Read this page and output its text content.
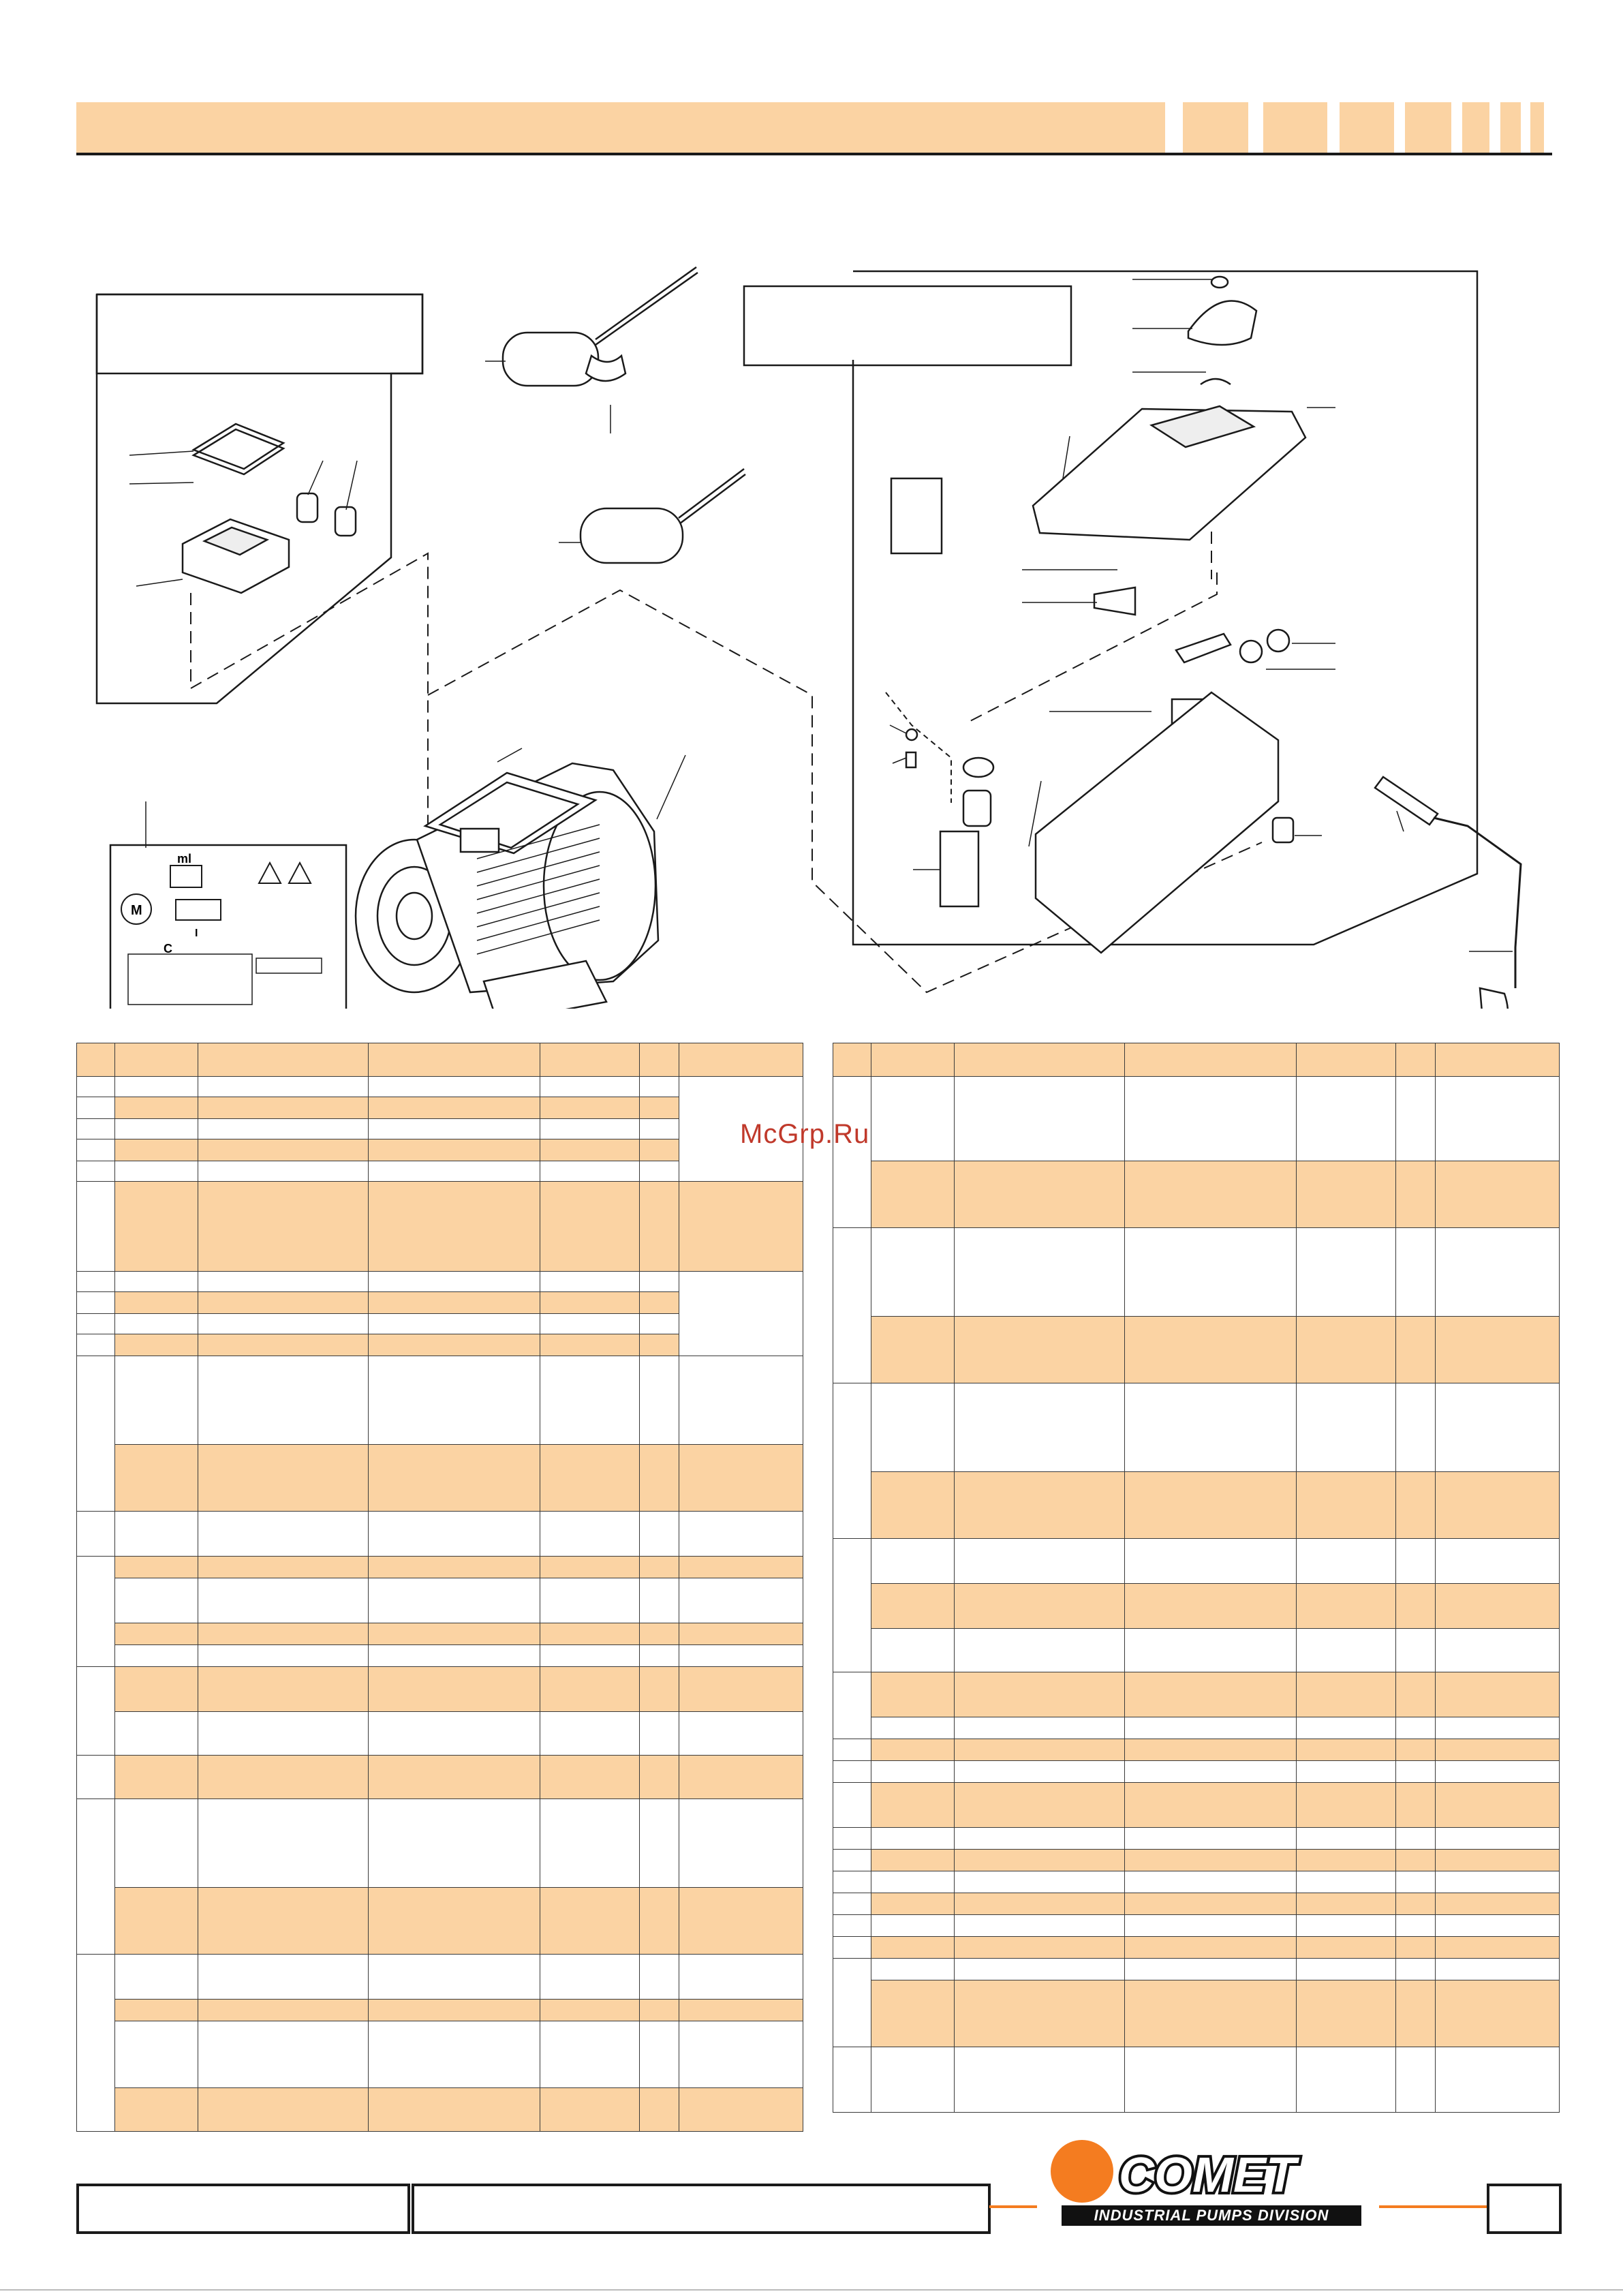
ml
M
C
I

McGrp.Ru
COMET
INDUSTRIAL PUMPS DIVISION
